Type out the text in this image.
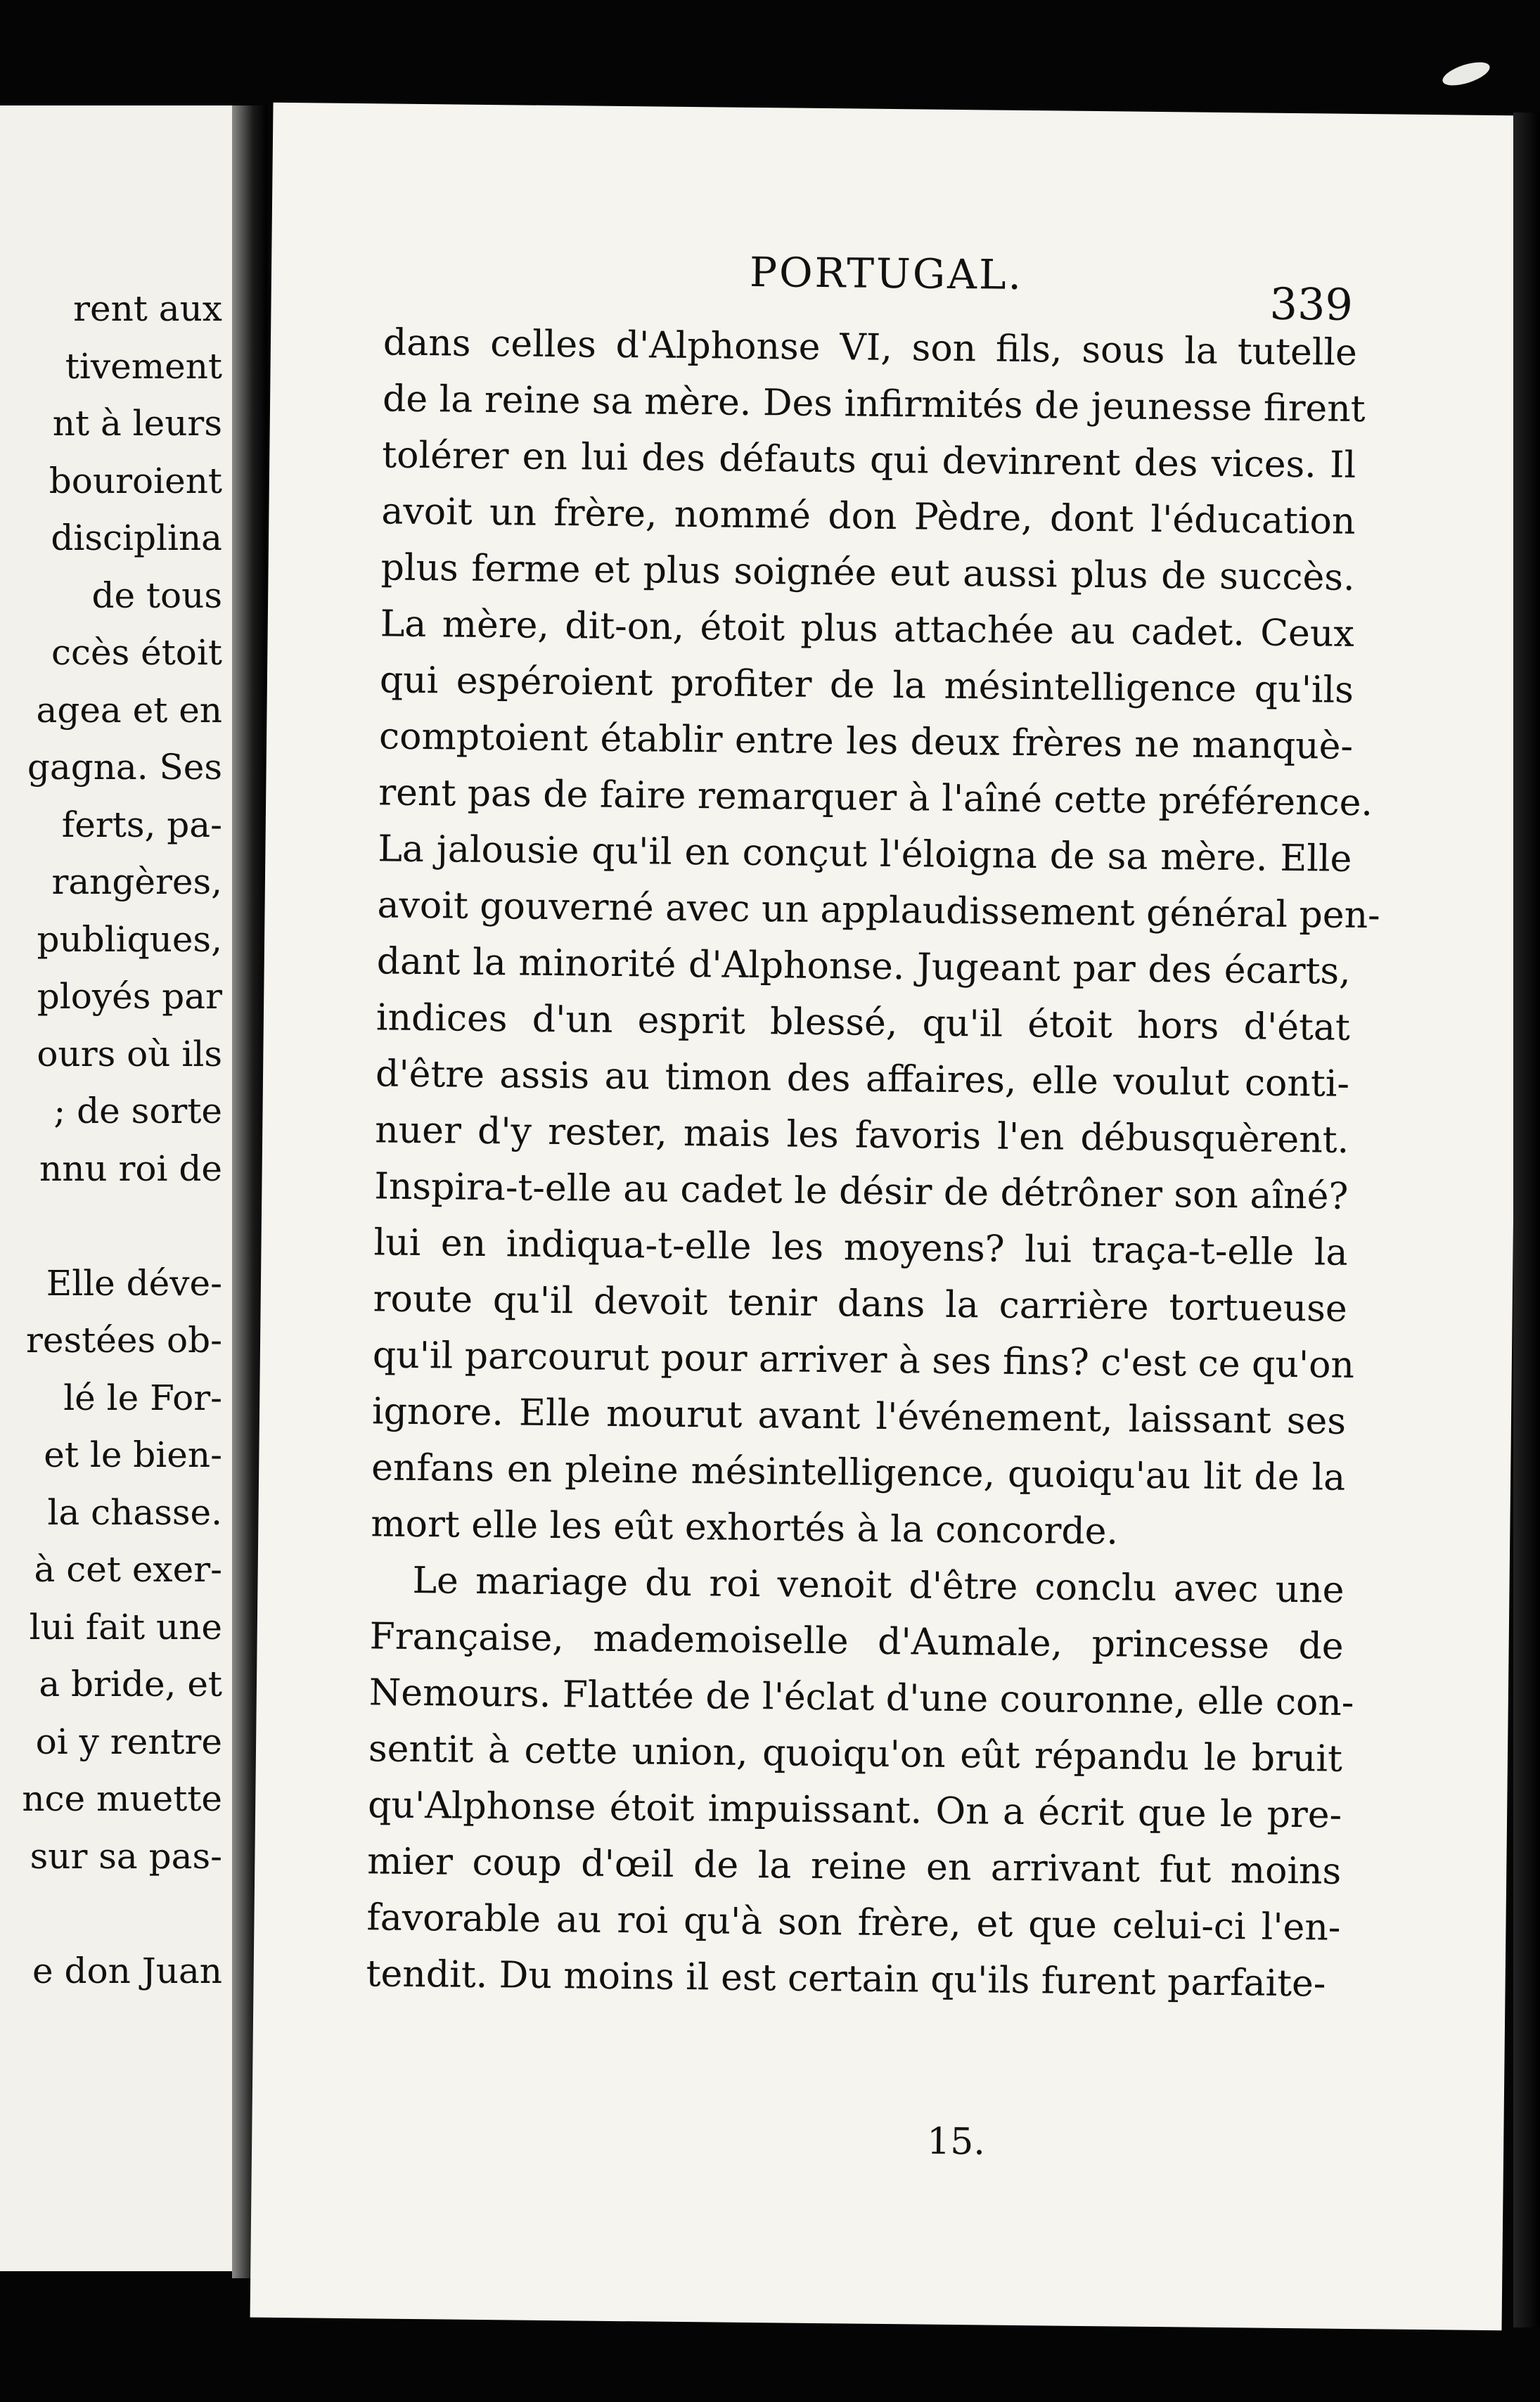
rent aux
tivement
nt à leurs
bouroient
disciplina
de tous
ccès étoit
agea et en
gagna. Ses
ferts, pa-
rangères,
publiques,
ployés par
ours où ils
; de sorte
nnu roi de
Elle déve-
restées ob-
lé le For-
et le bien-
la chasse.
à cet exer-
lui fait une
a bride, et
oi y rentre
nce muette
sur sa pas-
e don Juan
PORTUGAL.
339
dans celles d'Alphonse VI, son fils, sous la tutelle
de la reine sa mère. Des infirmités de jeunesse firent
tolérer en lui des défauts qui devinrent des vices. Il
avoit un frère, nommé don Pèdre, dont l'éducation
plus ferme et plus soignée eut aussi plus de succès.
La mère, dit-on, étoit plus attachée au cadet. Ceux
qui espéroient profiter de la mésintelligence qu'ils
comptoient établir entre les deux frères ne manquè-
rent pas de faire remarquer à l'aîné cette préférence.
La jalousie qu'il en conçut l'éloigna de sa mère. Elle
avoit gouverné avec un applaudissement général pen-
dant la minorité d'Alphonse. Jugeant par des écarts,
indices d'un esprit blessé, qu'il étoit hors d'état
d'être assis au timon des affaires, elle voulut conti-
nuer d'y rester, mais les favoris l'en débusquèrent.
Inspira-t-elle au cadet le désir de détrôner son aîné?
lui en indiqua-t-elle les moyens? lui traça-t-elle la
route qu'il devoit tenir dans la carrière tortueuse
qu'il parcourut pour arriver à ses fins? c'est ce qu'on
ignore. Elle mourut avant l'événement, laissant ses
enfans en pleine mésintelligence, quoiqu'au lit de la
mort elle les eût exhortés à la concorde.
Le mariage du roi venoit d'être conclu avec une
Française, mademoiselle d'Aumale, princesse de
Nemours. Flattée de l'éclat d'une couronne, elle con-
sentit à cette union, quoiqu'on eût répandu le bruit
qu'Alphonse étoit impuissant. On a écrit que le pre-
mier coup d'œil de la reine en arrivant fut moins
favorable au roi qu'à son frère, et que celui-ci l'en-
tendit. Du moins il est certain qu'ils furent parfaite-
15.
